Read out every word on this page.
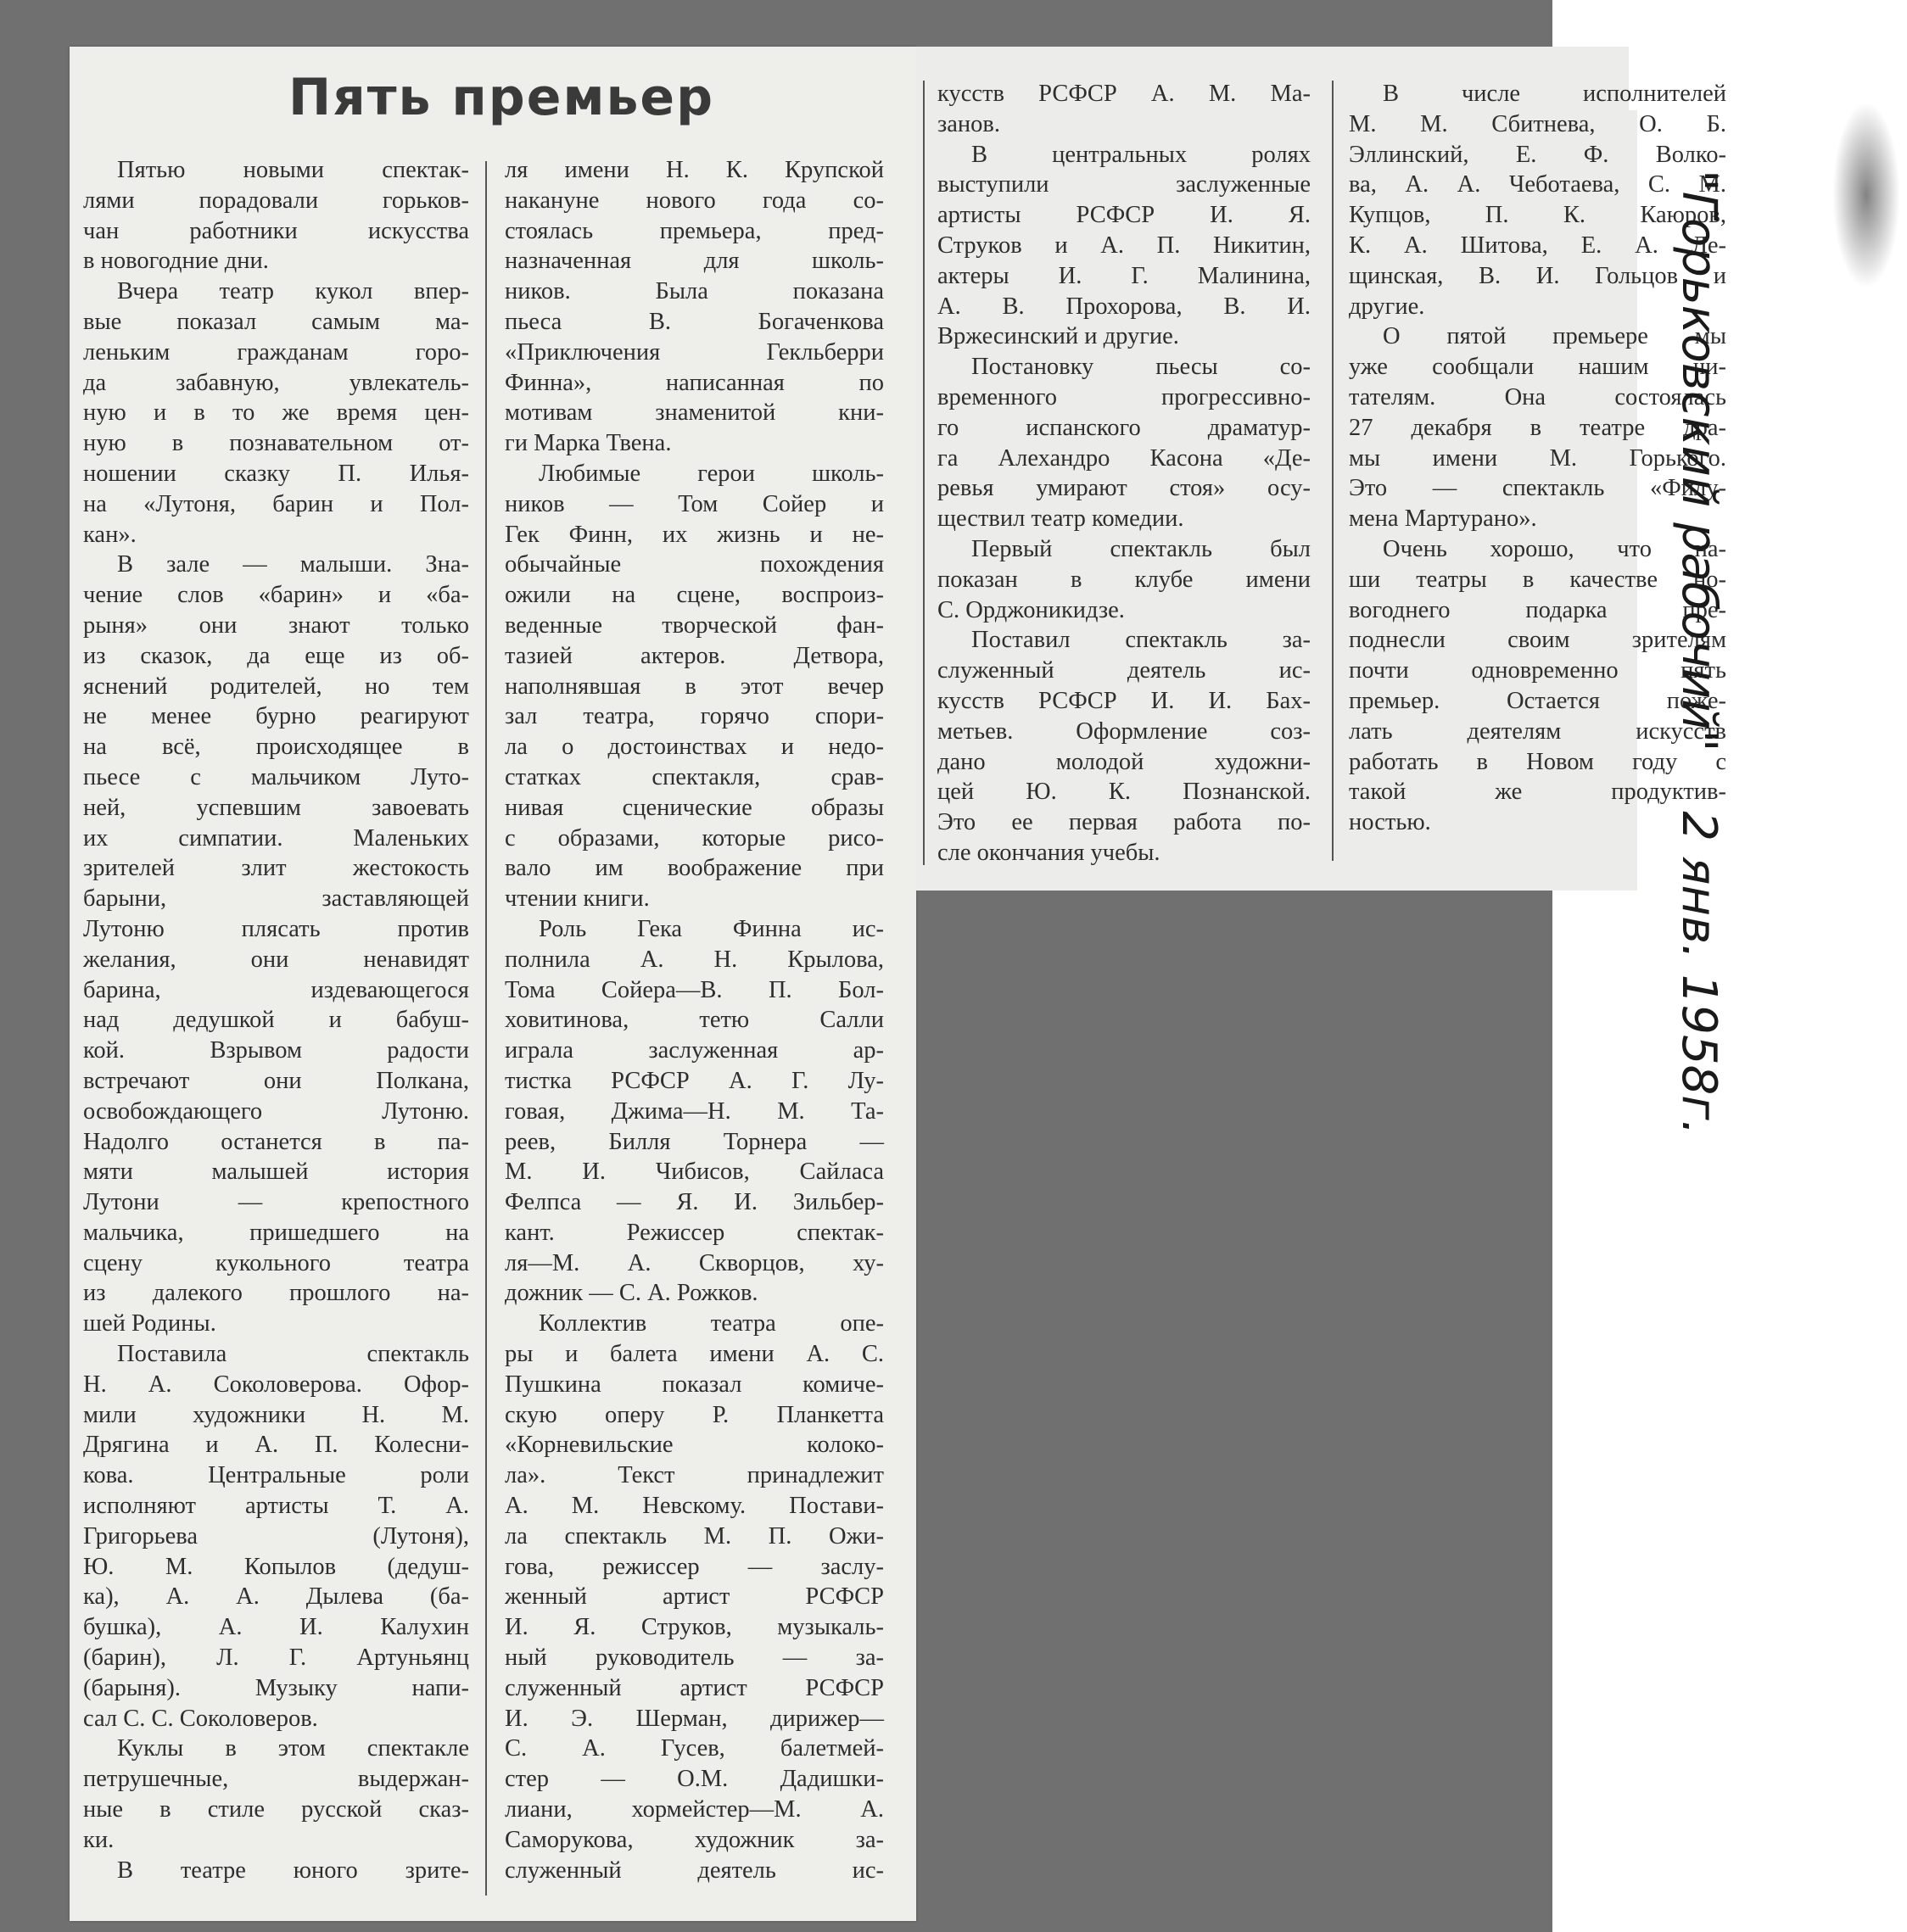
Пять премьер
Пятью новыми спектак-
лями порадовали горьков-
чан работники искусства
в новогодние дни.
Вчера театр кукол впер-
вые показал самым ма-
леньким гражданам горо-
да забавную, увлекатель-
ную и в то же время цен-
ную в познавательном от-
ношении сказку П. Илья-
на «Лутоня, барин и Пол-
кан».
В зале — малыши. Зна-
чение слов «барин» и «ба-
рыня» они знают только
из сказок, да еще из об-
яснений родителей, но тем
не менее бурно реагируют
на всё, происходящее в
пьесе с мальчиком Луто-
ней, успевшим завоевать
их симпатии. Маленьких
зрителей злит жестокость
барыни, заставляющей
Лутоню плясать против
желания, они ненавидят
барина, издевающегося
над дедушкой и бабуш-
кой. Взрывом радости
встречают они Полкана,
освобождающего Лутоню.
Надолго останется в па-
мяти малышей история
Лутони — крепостного
мальчика, пришедшего на
сцену кукольного театра
из далекого прошлого на-
шей Родины.
Поставила спектакль
Н. А. Соколоверова. Офор-
мили художники Н. М.
Дрягина и А. П. Колесни-
кова. Центральные роли
исполняют артисты Т. А.
Григорьева (Лутоня),
Ю. М. Копылов (дедуш-
ка), А. А. Дылева (ба-
бушка), А. И. Калухин
(барин), Л. Г. Артуньянц
(барыня). Музыку напи-
сал С. С. Соколоверов.
Куклы в этом спектакле
петрушечные, выдержан-
ные в стиле русской сказ-
ки.
В театре юного зрите-
ля имени Н. К. Крупской
накануне нового года со-
стоялась премьера, пред-
назначенная для школь-
ников. Была показана
пьеса В. Богаченкова
«Приключения Гекльберри
Финна», написанная по
мотивам знаменитой кни-
ги Марка Твена.
Любимые герои школь-
ников — Том Сойер и
Гек Финн, их жизнь и не-
обычайные похождения
ожили на сцене, воспроиз-
веденные творческой фан-
тазией актеров. Детвора,
наполнявшая в этот вечер
зал театра, горячо спори-
ла о достоинствах и недо-
статках спектакля, срав-
нивая сценические образы
с образами, которые рисо-
вало им воображение при
чтении книги.
Роль Гека Финна ис-
полнила А. Н. Крылова,
Тома Сойера—В. П. Бол-
ховитинова, тетю Салли
играла заслуженная ар-
тистка РСФСР А. Г. Лу-
говая, Джима—Н. М. Та-
реев, Билля Торнера —
М. И. Чибисов, Сайласа
Фелпса — Я. И. Зильбер-
кант. Режиссер спектак-
ля—М. А. Скворцов, ху-
дожник — С. А. Рожков.
Коллектив театра опе-
ры и балета имени А. С.
Пушкина показал комиче-
скую оперу Р. Планкетта
«Корневильские колоко-
ла». Текст принадлежит
А. М. Невскому. Постави-
ла спектакль М. П. Ожи-
гова, режиссер — заслу-
женный артист РСФСР
И. Я. Струков, музыкаль-
ный руководитель — за-
служенный артист РСФСР
И. Э. Шерман, дирижер—
С. А. Гусев, балетмей-
стер — О.М. Дадишки-
лиани, хормейстер—М. А.
Саморукова, художник за-
служенный деятель ис-
кусств РСФСР А. М. Ма-
занов.
В центральных ролях
выступили заслуженные
артисты РСФСР И. Я.
Струков и А. П. Никитин,
актеры И. Г. Малинина,
А. В. Прохорова, В. И.
Вржесинский и другие.
Постановку пьесы со-
временного прогрессивно-
го испанского драматур-
га Алехандро Касона «Де-
ревья умирают стоя» осу-
ществил театр комедии.
Первый спектакль был
показан в клубе имени
С. Орджоникидзе.
Поставил спектакль за-
служенный деятель ис-
кусств РСФСР И. И. Бах-
метьев. Оформление соз-
дано молодой художни-
цей Ю. К. Познанской.
Это ее первая работа по-
сле окончания учебы.
В числе исполнителей
М. М. Сбитнева, О. Б.
Эллинский, Е. Ф. Волко-
ва, А. А. Чеботаева, С. М.
Купцов, П. К. Каюров,
К. А. Шитова, Е. А. Ле-
щинская, В. И. Гольцов и
другие.
О пятой премьере мы
уже сообщали нашим чи-
тателям. Она состоялась
27 декабря в театре дра-
мы имени М. Горького.
Это — спектакль «Филу-
мена Мартурано».
Очень хорошо, что на-
ши театры в качестве но-
вогоднего подарка пре-
поднесли своим зрителям
почти одновременно пять
премьер. Остается поже-
лать деятелям искусств
работать в Новом году с
такой же продуктив-
ностью.
"Горьковский рабочий"2 янв. 1958г.
